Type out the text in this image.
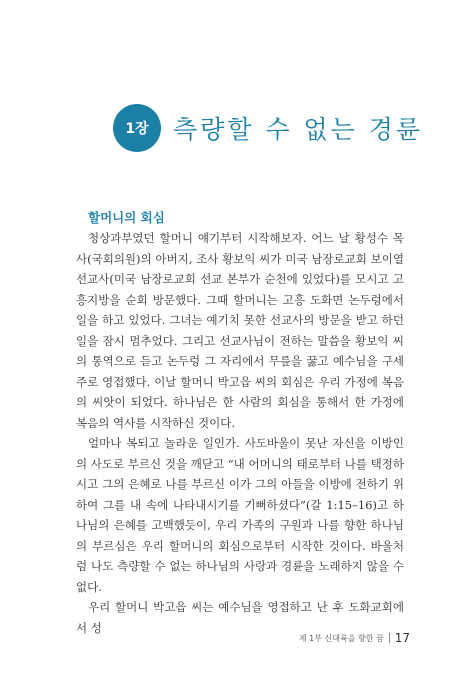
1장 측량할 수 없는 경륜
할머니의 회심

청상과부였던 할머니 얘기부터 시작해보자. 어느 날 황성수 목사(국회의원)의 아버지, 조사 황보익 씨가 미국 남장로교회 보이열 선교사(미국 남장로교회 선교 본부가 순천에 있었다)를 모시고 고흥지방을 순회 방문했다. 그때 할머니는 고흥 도화면 논두렁에서 일을 하고 있었다. 그녀는 예기치 못한 선교사의 방문을 받고 하던 일을 잠시 멈추었다. 그리고 선교사님이 전하는 말씀을 황보익 씨의 통역으로 듣고 논두렁 그 자리에서 무릎을 꿇고 예수님을 구세주로 영접했다. 이날 할머니 박고읍 씨의 회심은 우리 가정에 복음의 씨앗이 되었다. 하나님은 한 사람의 회심을 통해서 한 가정에 복음의 역사를 시작하신 것이다.

얼마나 복되고 놀라운 일인가. 사도바울이 못난 자신을 이방인의 사도로 부르신 것을 깨닫고 “내 어머니의 태로부터 나를 택정하시고 그의 은혜로 나를 부르신 이가 그의 아들을 이방에 전하기 위하여 그를 내 속에 나타내시기를 기뻐하셨다”(갈 1:15–16)고 하나님의 은혜를 고백했듯이, 우리 가족의 구원과 나를 향한 하나님의 부르심은 우리 할머니의 회심으로부터 시작한 것이다. 바울처럼 나도 측량할 수 없는 하나님의 사랑과 경륜을 노래하지 않을 수 없다.

우리 할머니 박고읍 씨는 예수님을 영접하고 난 후 도화교회에서 성

제 1부 신대륙을 향한 꿈 17
